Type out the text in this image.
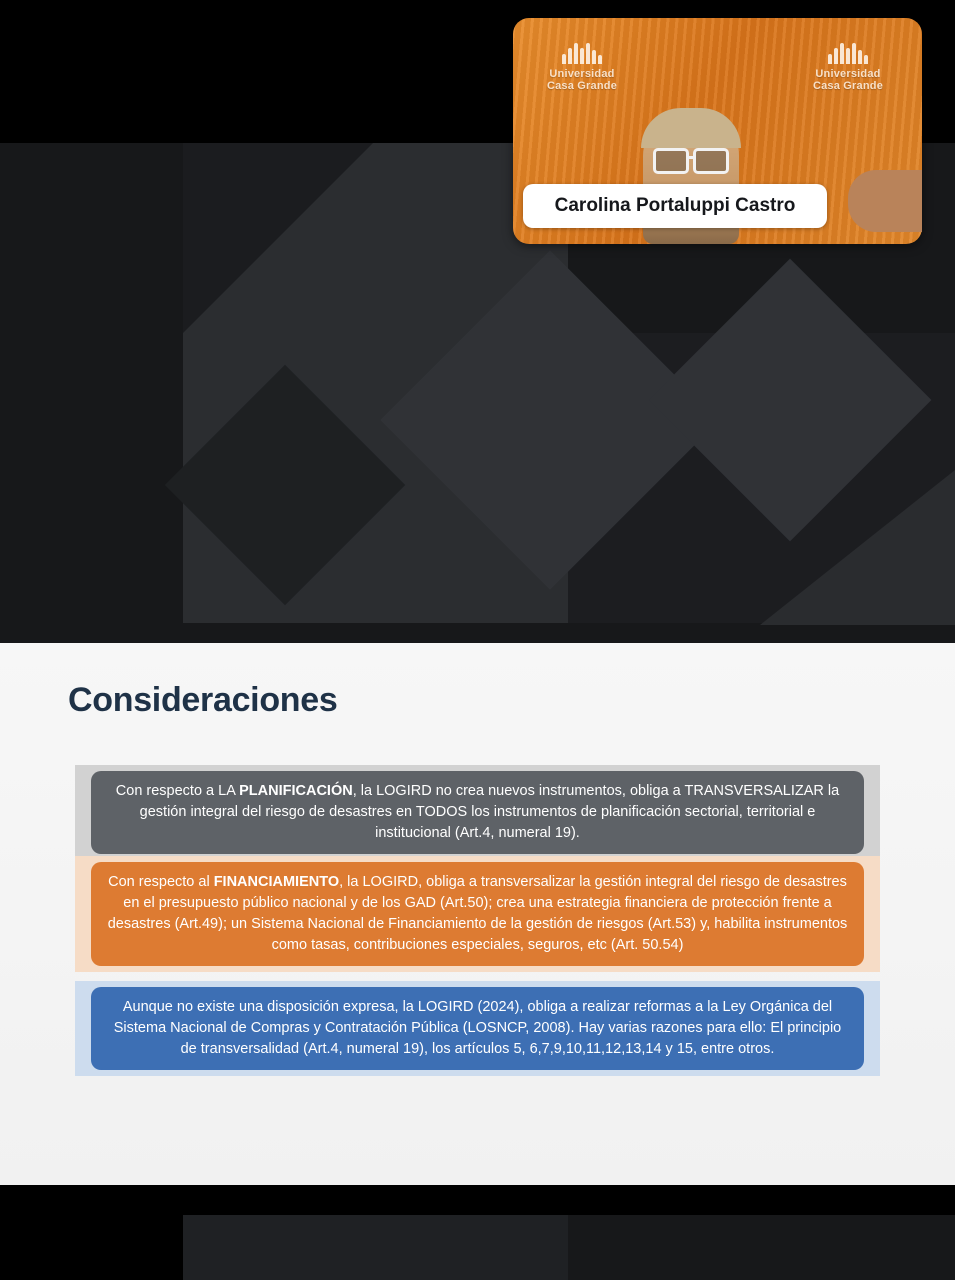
Universidad
Casa Grande
Universidad
Casa Grande
Carolina Portaluppi Castro
Consideraciones
Con respecto a LA PLANIFICACIÓN, la LOGIRD no crea nuevos instrumentos, obliga a TRANSVERSALIZAR la gestión integral del riesgo de desastres en TODOS los instrumentos de planificación sectorial, territorial e institucional (Art.4, numeral 19).
Con respecto al FINANCIAMIENTO, la LOGIRD, obliga a transversalizar la gestión integral del riesgo de desastres en el presupuesto público nacional y de los GAD (Art.50); crea una estrategia financiera de protección frente a desastres (Art.49); un Sistema Nacional de Financiamiento de la gestión de riesgos (Art.53) y, habilita instrumentos como tasas, contribuciones especiales, seguros, etc (Art. 50.54)
Aunque no existe una disposición expresa, la LOGIRD (2024), obliga a realizar reformas a la Ley Orgánica del Sistema Nacional de Compras y Contratación Pública (LOSNCP, 2008). Hay varias razones para ello: El principio de transversalidad (Art.4, numeral 19), los artículos 5, 6,7,9,10,11,12,13,14 y 15, entre otros.
